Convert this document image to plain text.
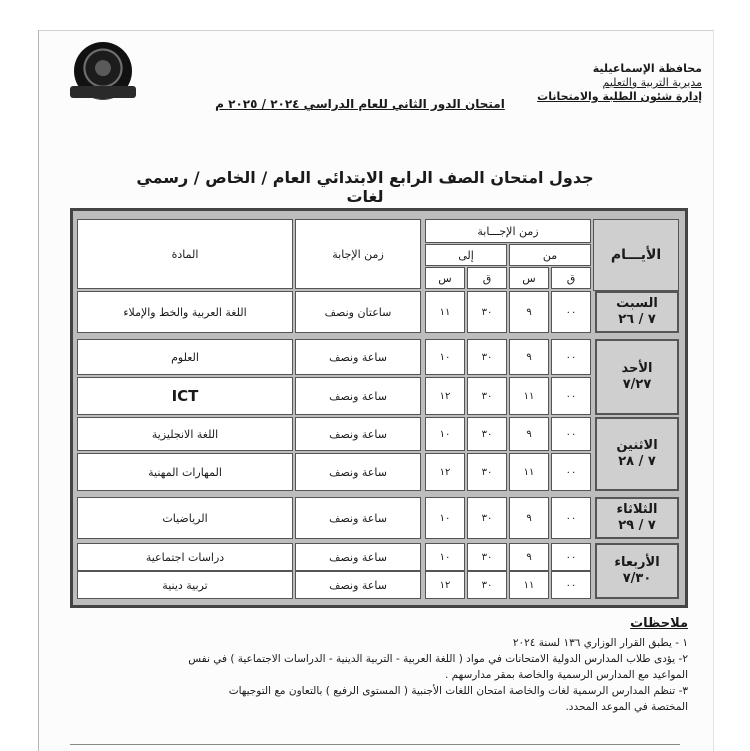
محافظة الإسماعيلية
مديرية التربية والتعليم
إدارة شئون الطلبة والامتحانات
امتحان الدور الثاني للعام الدراسي ٢٠٢٤ / ٢٠٢٥ م
جدول امتحان الصف الرابع الابتدائي العام / الخاص / رسمي لغات
الأيـــام
زمن الإجـــابة
من
إلى
ق
س
ق
س
زمن الإجابة
المادة
السبت
٧ / ٢٦
الأحد
٧/٢٧
الاثنين
٧ / ٢٨
الثلاثاء
٧ / ٢٩
الأربعاء
٧/٣٠
٠٠
٩
٣٠
١١
ساعتان ونصف
اللغة العربية والخط والإملاء
٠٠
٩
٣٠
١٠
ساعة ونصف
العلوم
٠٠
١١
٣٠
١٢
ساعة ونصف
ICT
٠٠
٩
٣٠
١٠
ساعة ونصف
اللغة الانجليزية
٠٠
١١
٣٠
١٢
ساعة ونصف
المهارات المهنية
٠٠
٩
٣٠
١٠
ساعة ونصف
الرياضيات
٠٠
٩
٣٠
١٠
ساعة ونصف
دراسات اجتماعية
٠٠
١١
٣٠
١٢
ساعة ونصف
تربية دينية
ملاحظات
١ - يطبق القرار الوزاري ١٣٦ لسنة ٢٠٢٤
٢- يؤدى طلاب المدارس الدولية الامتحانات في مواد ( اللغة العربية - التربية الدينية - الدراسات الاجتماعية ) في نفس
المواعيد مع المدارس الرسمية والخاصة بمقر مدارسهم .
٣- تنظم المدارس الرسمية لغات والخاصة امتحان اللغات الأجنبية ( المستوى الرفيع ) بالتعاون مع التوجيهات
المختصة في الموعد المحدد.
